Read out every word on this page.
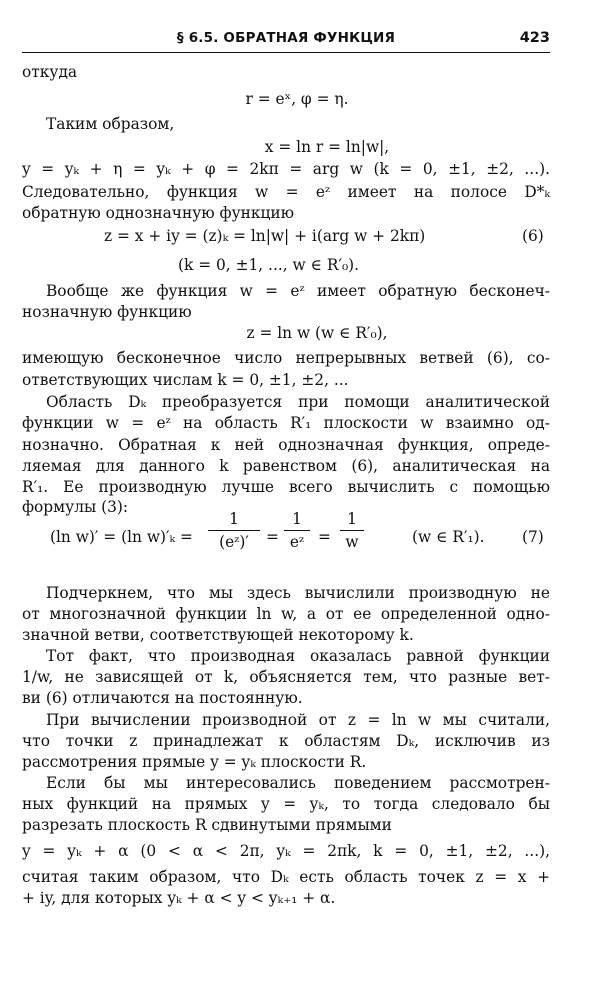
§ 6.5. ОБРАТНАЯ ФУНКЦИЯ	423
откуда
r = eˣ, φ = η.
Таким образом,
x = ln r = ln|w|,
y = yₖ + η = yₖ + φ = 2kπ = arg w (k = 0, ±1, ±2, ...).
Следовательно, функция w = eᶻ имеет на полосе D*ₖ
обратную однозначную функцию
z = x + iy = (z)ₖ = ln|w| + i(arg w + 2kπ)	(6)
(k = 0, ±1, ..., w ∈ R′₀).
Вообще же функция w = eᶻ имеет обратную бесконеч-
нозначную функцию
z = ln w (w ∈ R′₀),
имеющую бесконечное число непрерывных ветвей (6), со-
ответствующих числам k = 0, ±1, ±2, ...
Область Dₖ преобразуется при помощи аналитической
функции w = eᶻ на область R′₁ плоскости w взаимно од-
нозначно. Обратная к ней однозначная функция, опреде-
ляемая для данного k равенством (6), аналитическая на
R′₁. Ее производную лучше всего вычислить с помощью
формулы (3):
(ln w)′ = (ln w)′ₖ =
1
(eᶻ)′	=
1
eᶻ =
1
w	(w ∈ R′₁). (7)
Подчеркнем, что мы здесь вычислили производную не
от многозначной функции ln w, а от ее определенной одно-
значной ветви, соответствующей некоторому k.
Тот факт, что производная оказалась равной функции
1/w, не зависящей от k, объясняется тем, что разные вет-
ви (6) отличаются на постоянную.
При вычислении производной от z = ln w мы считали,
что точки z принадлежат к областям Dₖ, исключив из
рассмотрения прямые y = yₖ плоскости R.
Если бы мы интересовались поведением рассмотрен-
ных функций на прямых y = yₖ, то тогда следовало бы
разрезать плоскость R сдвинутыми прямыми
y = yₖ + α (0 < α < 2π, yₖ = 2πk, k = 0, ±1, ±2, ...),
считая таким образом, что Dₖ есть область точек z = x +
+ iy, для которых yₖ + α < y < yₖ₊₁ + α.
